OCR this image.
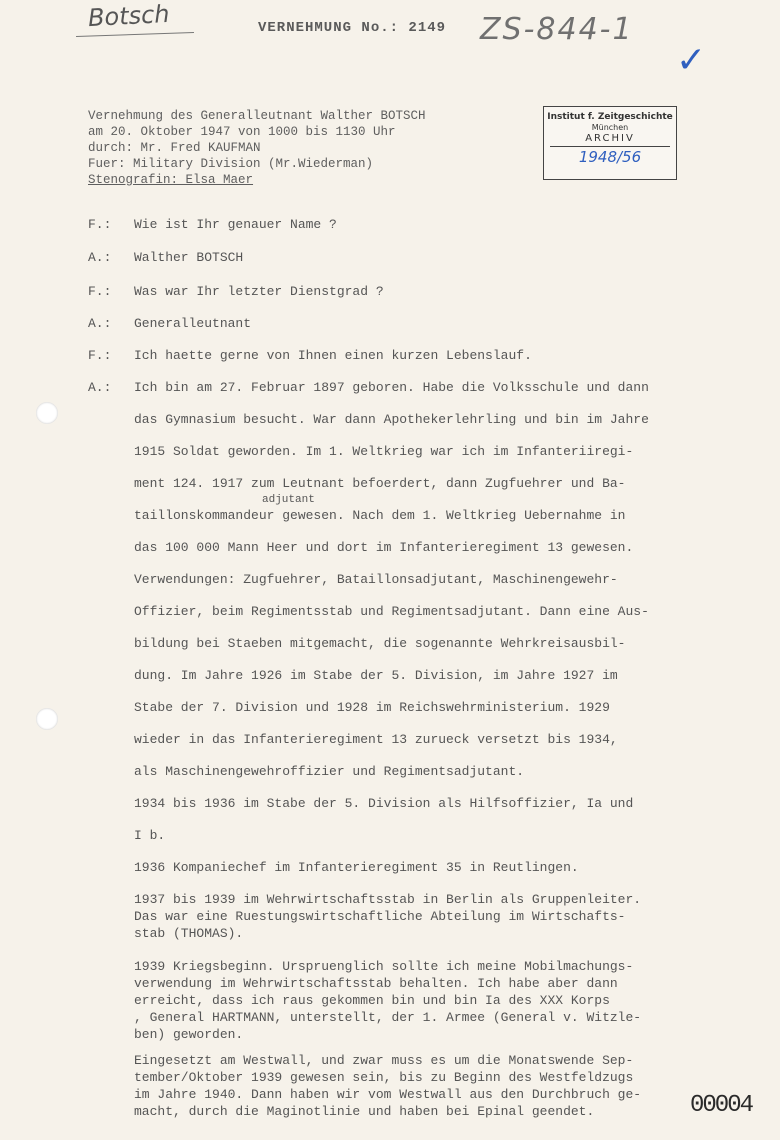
Botsch	ZS-844-1
✓
VERNEHMUNG No.: 2149
Vernehmung des Generalleutnant Walther BOTSCH
am 20. Oktober 1947 von 1000 bis 1130 Uhr
durch: Mr. Fred KAUFMAN
Fuer: Military Division (Mr.Wiederman)
Stenografin: Elsa Maer
Institut f. Zeitgeschichte
München
ARCHIV
1948/56
F.: Wie ist Ihr genauer Name ?
A.: Walther BOTSCH
F.: Was war Ihr letzter Dienstgrad ?
A.: Generalleutnant
F.: Ich haette gerne von Ihnen einen kurzen Lebenslauf.
A.: Ich bin am 27. Februar 1897 geboren. Habe die Volksschule und dann
das Gymnasium besucht. War dann Apothekerlehrling und bin im Jahre
1915 Soldat geworden. Im 1. Weltkrieg war ich im Infanteriiregi-
ment 124. 1917 zum Leutnant befoerdert, dann Zugfuehrer und Ba-
adjutant
taillonskommandeur gewesen. Nach dem 1. Weltkrieg Uebernahme in
das 100 000 Mann Heer und dort im Infanterieregiment 13 gewesen.
Verwendungen: Zugfuehrer, Bataillonsadjutant, Maschinengewehr-
Offizier, beim Regimentsstab und Regimentsadjutant. Dann eine Aus-
bildung bei Staeben mitgemacht, die sogenannte Wehrkreisausbil-
dung. Im Jahre 1926 im Stabe der 5. Division, im Jahre 1927 im
Stabe der 7. Division und 1928 im Reichswehrministerium. 1929
wieder in das Infanterieregiment 13 zurueck versetzt bis 1934,
als Maschinengewehroffizier und Regimentsadjutant.
1934 bis 1936 im Stabe der 5. Division als Hilfsoffizier, Ia und
I b.
1936 Kompaniechef im Infanterieregiment 35 in Reutlingen.
1937 bis 1939 im Wehrwirtschaftsstab in Berlin als Gruppenleiter.
Das war eine Ruestungswirtschaftliche Abteilung im Wirtschafts-
stab (THOMAS).
1939 Kriegsbeginn. Urspruenglich sollte ich meine Mobilmachungs-
verwendung im Wehrwirtschaftsstab behalten. Ich habe aber dann
erreicht, dass ich raus gekommen bin und bin Ia des XXX Korps
, General HARTMANN, unterstellt, der 1. Armee (General v. Witzle-
ben) geworden.
Eingesetzt am Westwall, und zwar muss es um die Monatswende Sep-
tember/Oktober 1939 gewesen sein, bis zu Beginn des Westfeldzugs
im Jahre 1940. Dann haben wir vom Westwall aus den Durchbruch ge-
macht, durch die Maginotlinie und haben bei Epinal geendet.	00004
